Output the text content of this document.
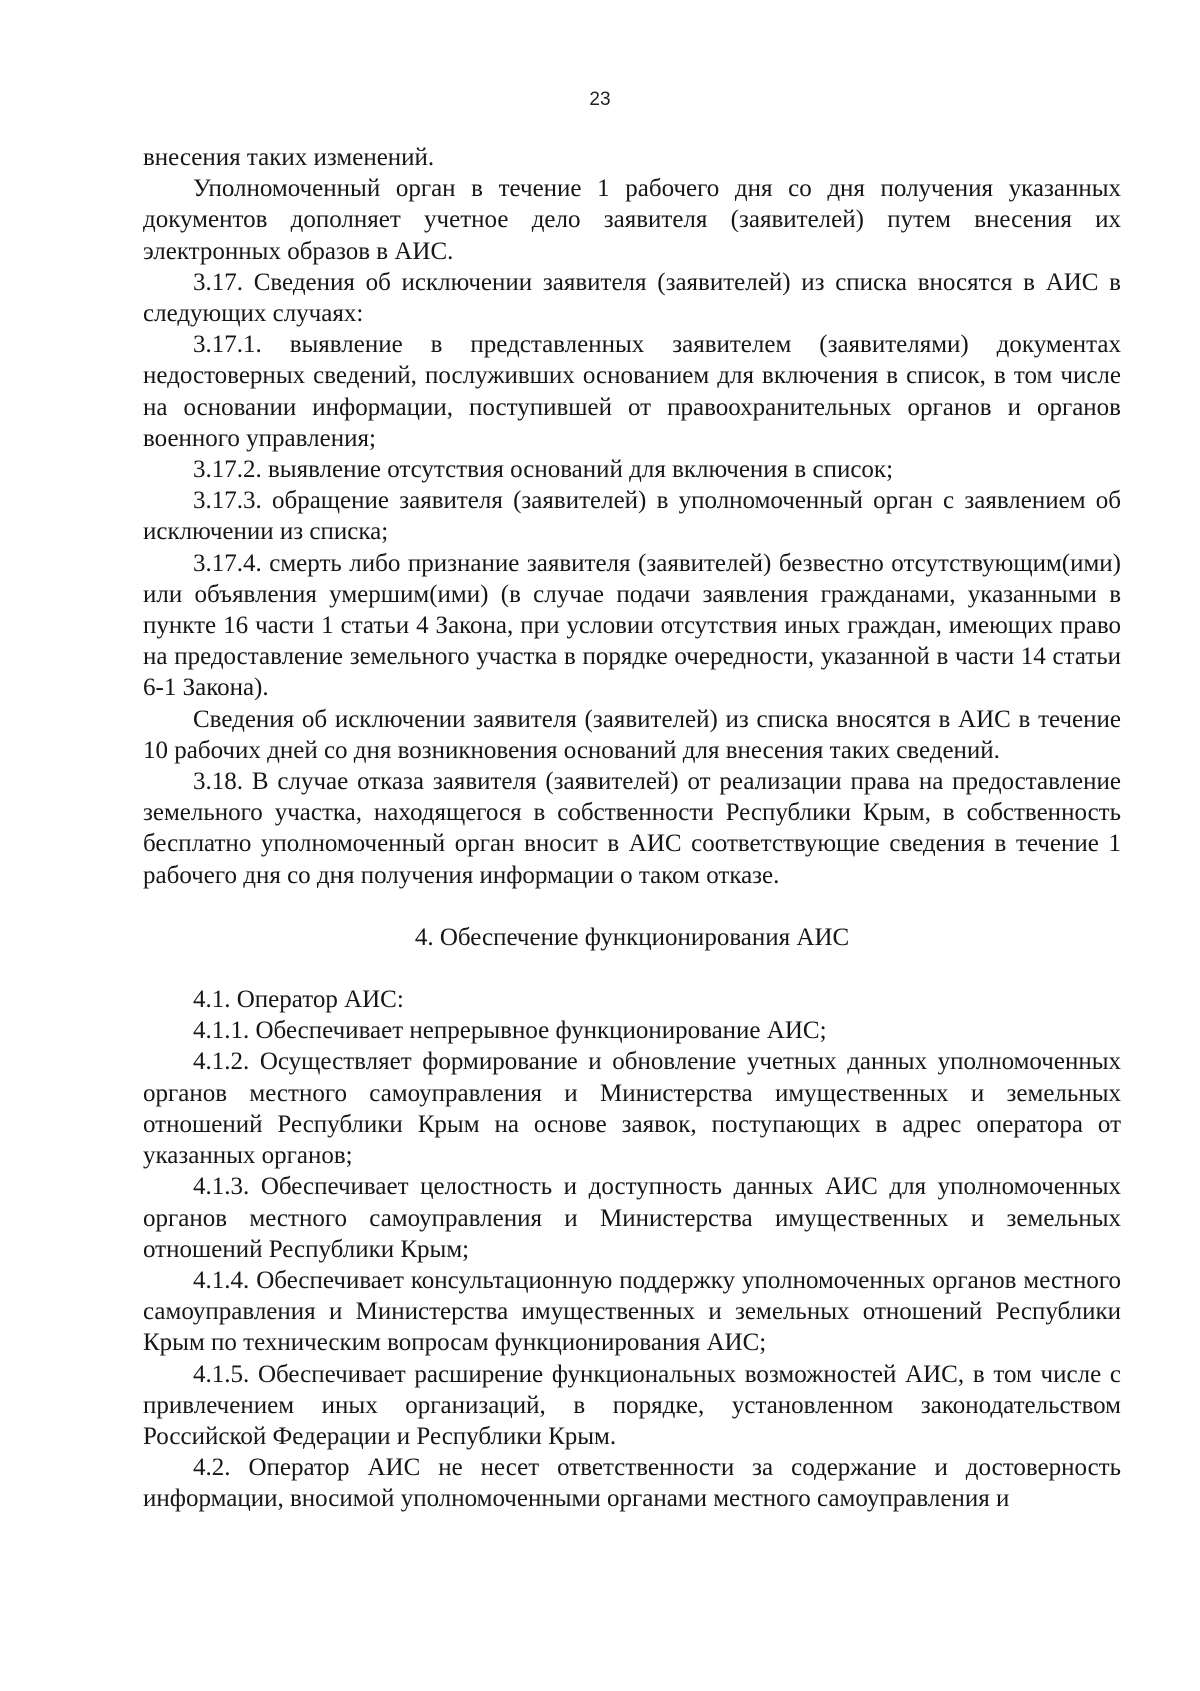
23

внесения таких изменений.

Уполномоченный орган в течение 1 рабочего дня со дня получения указанных документов дополняет учетное дело заявителя (заявителей) путем внесения их электронных образов в АИС.

3.17. Сведения об исключении заявителя (заявителей) из списка вносятся в АИС в следующих случаях:

3.17.1. выявление в представленных заявителем (заявителями) документах недостоверных сведений, послуживших основанием для включения в список, в том числе на основании информации, поступившей от правоохранительных органов и органов военного управления;

3.17.2. выявление отсутствия оснований для включения в список;

3.17.3. обращение заявителя (заявителей) в уполномоченный орган с заявлением об исключении из списка;

3.17.4. смерть либо признание заявителя (заявителей) безвестно отсутствующим(ими) или объявления умершим(ими) (в случае подачи заявления гражданами, указанными в пункте 16 части 1 статьи 4 Закона, при условии отсутствия иных граждан, имеющих право на предоставление земельного участка в порядке очередности, указанной в части 14 статьи 6-1 Закона).

Сведения об исключении заявителя (заявителей) из списка вносятся в АИС в течение 10 рабочих дней со дня возникновения оснований для внесения таких сведений.

3.18. В случае отказа заявителя (заявителей) от реализации права на предоставление земельного участка, находящегося в собственности Республики Крым, в собственность бесплатно уполномоченный орган вносит в АИС соответствующие сведения в течение 1 рабочего дня со дня получения информации о таком отказе.

4. Обеспечение функционирования АИС

4.1. Оператор АИС:

4.1.1. Обеспечивает непрерывное функционирование АИС;

4.1.2. Осуществляет формирование и обновление учетных данных уполномоченных органов местного самоуправления и Министерства имущественных и земельных отношений Республики Крым на основе заявок, поступающих в адрес оператора от указанных органов;

4.1.3. Обеспечивает целостность и доступность данных АИС для уполномоченных органов местного самоуправления и Министерства имущественных и земельных отношений Республики Крым;

4.1.4. Обеспечивает консультационную поддержку уполномоченных органов местного самоуправления и Министерства имущественных и земельных отношений Республики Крым по техническим вопросам функционирования АИС;

4.1.5. Обеспечивает расширение функциональных возможностей АИС, в том числе с привлечением иных организаций, в порядке, установленном законодательством Российской Федерации и Республики Крым.

4.2. Оператор АИС не несет ответственности за содержание и достоверность информации, вносимой уполномоченными органами местного самоуправления и
